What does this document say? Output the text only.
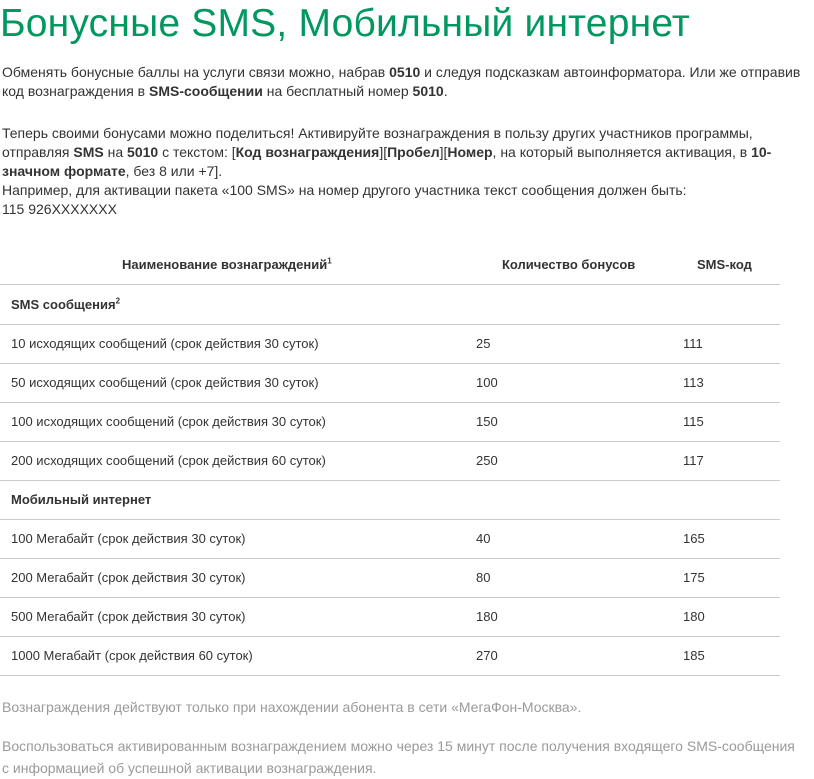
Бонусные SMS, Мобильный интернет
Обменять бонусные баллы на услуги связи можно, набрав 0510 и следуя подсказкам автоинформатора. Или же отправив код вознаграждения в SMS-сообщении на бесплатный номер 5010.
Теперь своими бонусами можно поделиться! Активируйте вознаграждения в пользу других участников программы, отправляя SMS на 5010 с текстом: [Код вознаграждения][Пробел][Номер, на который выполняется активация, в 10-значном формате, без 8 или +7].
Например, для активации пакета «100 SMS» на номер другого участника текст сообщения должен быть:
115 926XXXXXXX
Наименование вознаграждений$^1$	Количество бонусов	SMS-код
SMS сообщения$^2$
10 исходящих сообщений (срок действия 30 суток)	25	111
50 исходящих сообщений (срок действия 30 суток)	100	113
100 исходящих сообщений (срок действия 30 суток)	150	115
200 исходящих сообщений (срок действия 60 суток)	250	117
Мобильный интернет
100 Мегабайт (срок действия 30 суток)	40	165
200 Мегабайт (срок действия 30 суток)	80	175
500 Мегабайт (срок действия 30 суток)	180	180
1000 Мегабайт (срок действия 60 суток)	270	185
Вознаграждения действуют только при нахождении абонента в сети «МегаФон-Москва».
Воспользоваться активированным вознаграждением можно через 15 минут после получения входящего SMS-сообщения с информацией об успешной активации вознаграждения.
